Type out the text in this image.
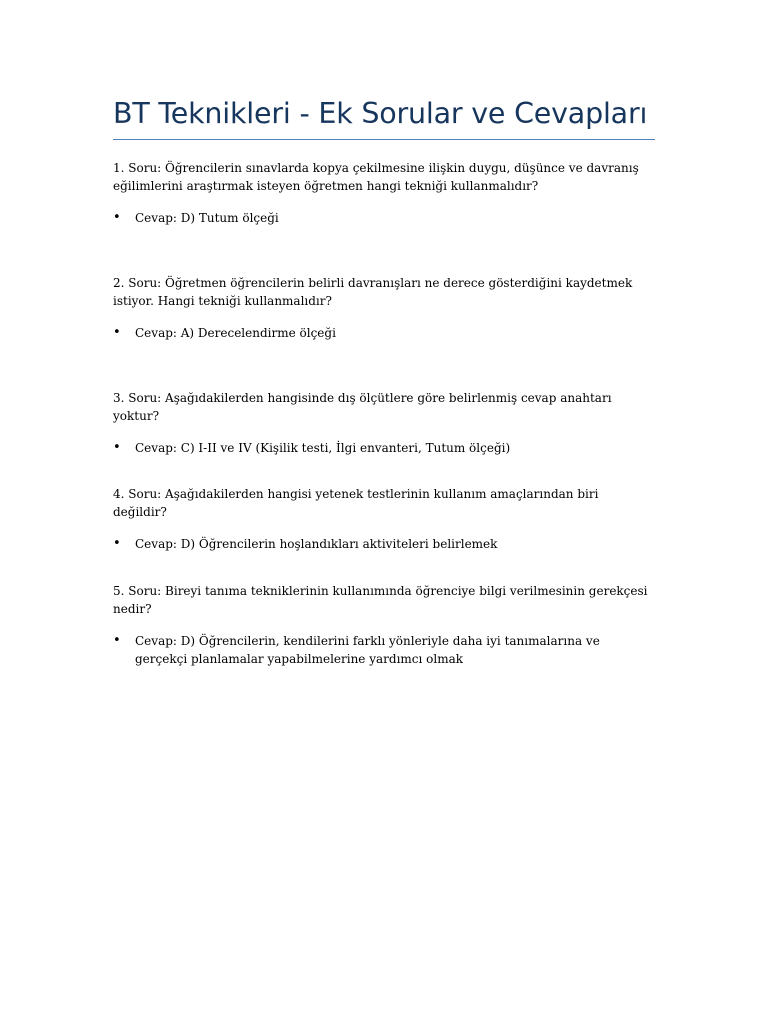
BT Teknikleri - Ek Sorular ve Cevapları

1. Soru: Öğrencilerin sınavlarda kopya çekilmesine ilişkin duygu, düşünce ve davranış eğilimlerini araştırmak isteyen öğretmen hangi tekniği kullanmalıdır?

• Cevap: D) Tutum ölçeği

2. Soru: Öğretmen öğrencilerin belirli davranışları ne derece gösterdiğini kaydetmek istiyor. Hangi tekniği kullanmalıdır?

• Cevap: A) Derecelendirme ölçeği

3. Soru: Aşağıdakilerden hangisinde dış ölçütlere göre belirlenmiş cevap anahtarı yoktur?

• Cevap: C) I-II ve IV (Kişilik testi, İlgi envanteri, Tutum ölçeği)

4. Soru: Aşağıdakilerden hangisi yetenek testlerinin kullanım amaçlarından biri değildir?

• Cevap: D) Öğrencilerin hoşlandıkları aktiviteleri belirlemek

5. Soru: Bireyi tanıma tekniklerinin kullanımında öğrenciye bilgi verilmesinin gerekçesi nedir?

• Cevap: D) Öğrencilerin, kendilerini farklı yönleriyle daha iyi tanımalarına ve gerçekçi planlamalar yapabilmelerine yardımcı olmak
